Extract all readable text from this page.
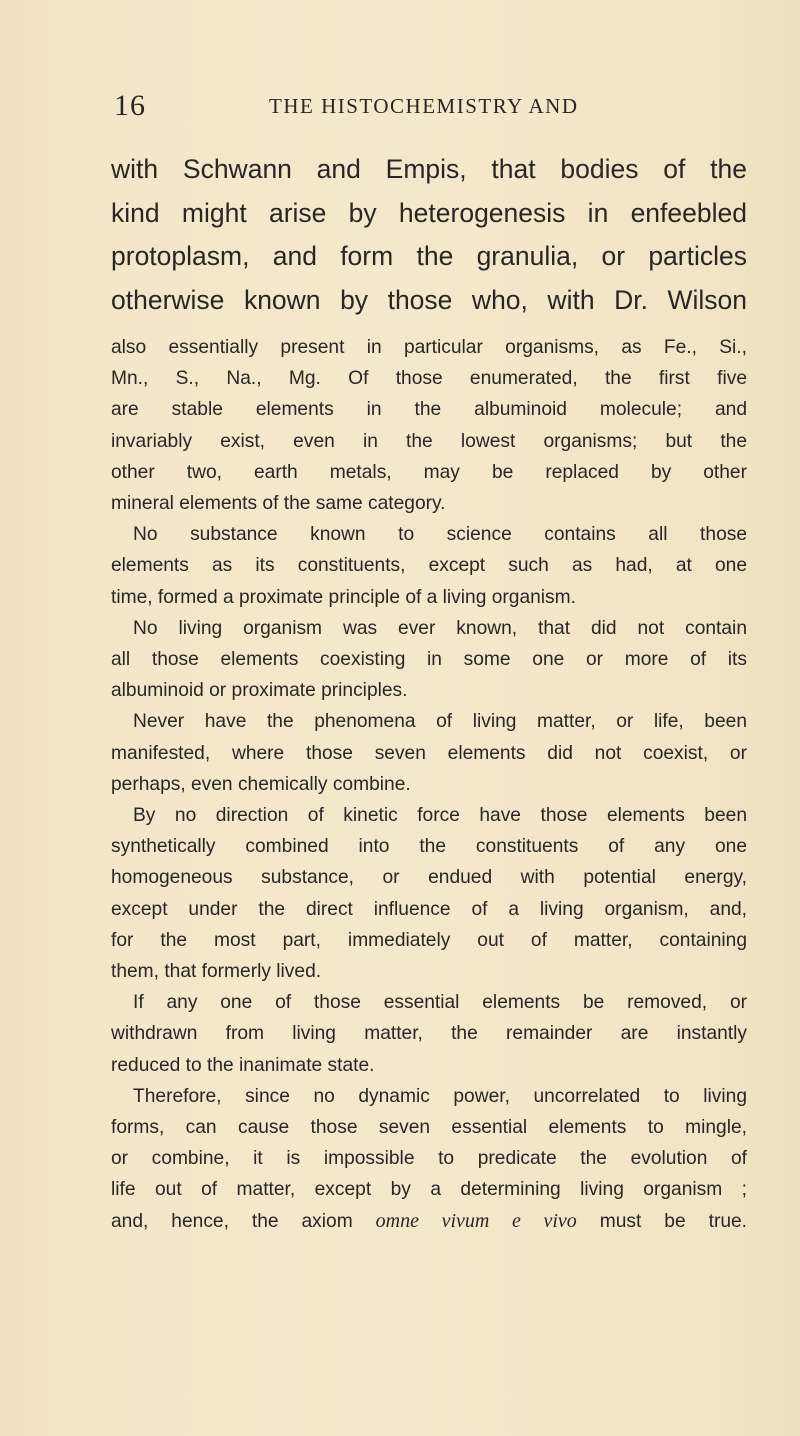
16	THE HISTOCHEMISTRY AND
with Schwann and Empis, that bodies of the
kind might arise by heterogenesis in enfeebled
protoplasm, and form the granulia, or particles
otherwise known by those who, with Dr. Wilson
also essentially present in particular organisms, as Fe., Si.,
Mn., S., Na., Mg. Of those enumerated, the first five
are stable elements in the albuminoid molecule; and
invariably exist, even in the lowest organisms; but the
other two, earth metals, may be replaced by other
mineral elements of the same category.
No substance known to science contains all those
elements as its constituents, except such as had, at one
time, formed a proximate principle of a living organism.
No living organism was ever known, that did not contain
all those elements coexisting in some one or more of its
albuminoid or proximate principles.
Never have the phenomena of living matter, or life, been
manifested, where those seven elements did not coexist, or
perhaps, even chemically combine.
By no direction of kinetic force have those elements been
synthetically combined into the constituents of any one
homogeneous substance, or endued with potential energy,
except under the direct influence of a living organism, and,
for the most part, immediately out of matter, containing
them, that formerly lived.
If any one of those essential elements be removed, or
withdrawn from living matter, the remainder are instantly
reduced to the inanimate state.
Therefore, since no dynamic power, uncorrelated to living
forms, can cause those seven essential elements to mingle,
or combine, it is impossible to predicate the evolution of
life out of matter, except by a determining living organism ;
and, hence, the axiom omne vivum e vivo must be true.
